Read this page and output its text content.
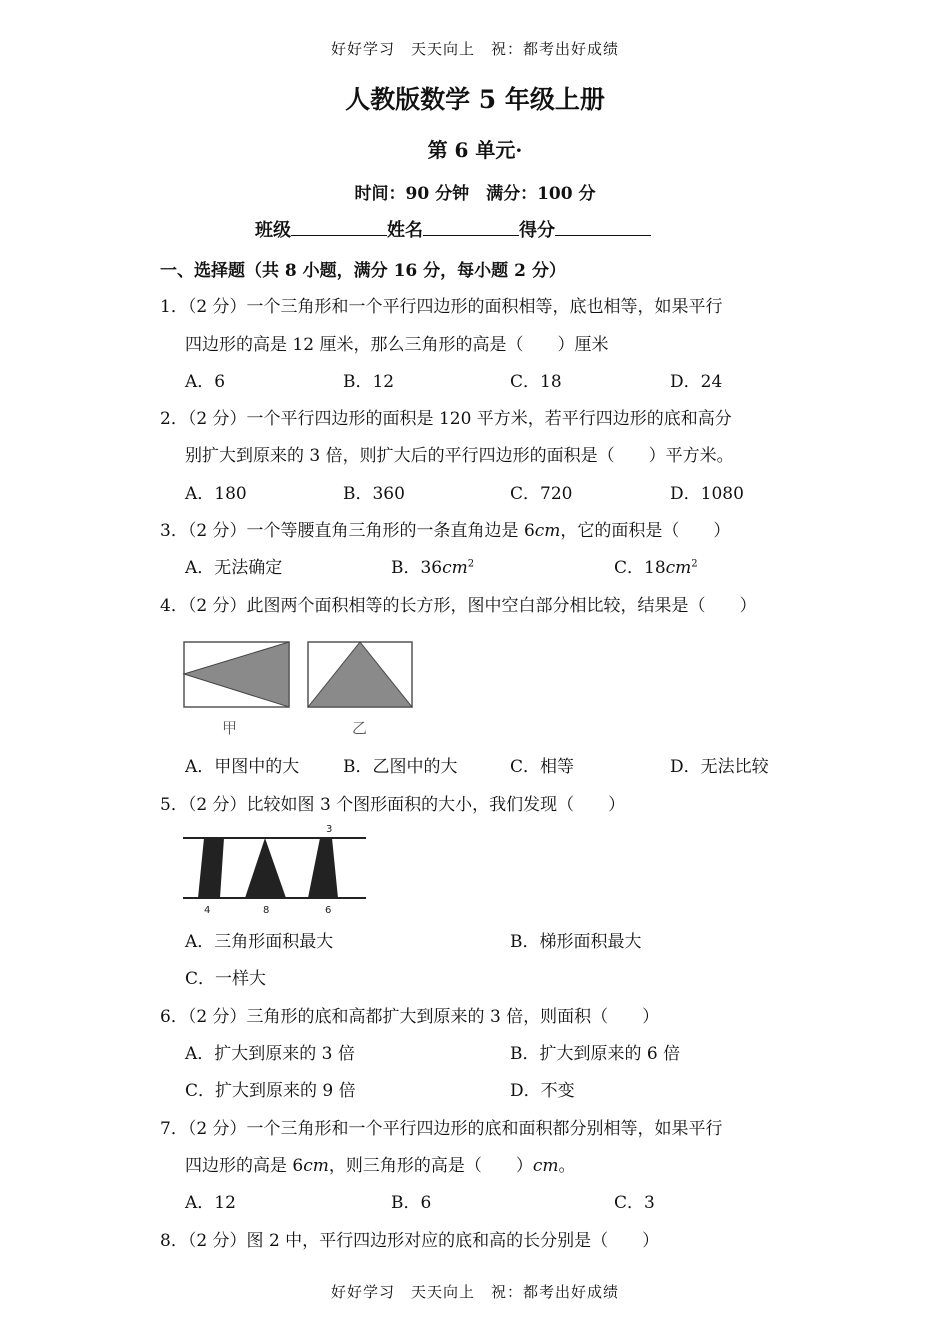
好好学习　天天向上　祝：都考出好成绩
人教版数学 5 年级上册
第 6 单元·
时间：90 分钟　满分：100 分
班级	姓名	得分
一、选择题（共 8 小题，满分 16 分，每小题 2 分）
1．（2 分）一个三角形和一个平行四边形的面积相等，底也相等，如果平行
四边形的高是 12 厘米，那么三角形的高是（　　）厘米
A．6	B．12	C．18	D．24
2．（2 分）一个平行四边形的面积是 120 平方米，若平行四边形的底和高分
别扩大到原来的 3 倍，则扩大后的平行四边形的面积是（　　）平方米。
A．180	B．360	C．720	D．1080
3．（2 分）一个等腰直角三角形的一条直角边是 6cm，它的面积是（　　）
A．无法确定	B．$36cm^2$	C．$18cm^2$
4．（2 分）此图两个面积相等的长方形，图中空白部分相比较，结果是（　　）
甲	乙
A．甲图中的大	B．乙图中的大	C．相等	D．无法比较
5．（2 分）比较如图 3 个图形面积的大小，我们发现（　　）
3
4	8	6
A．三角形面积最大	B．梯形面积最大
C．一样大
6．（2 分）三角形的底和高都扩大到原来的 3 倍，则面积（　　）
A．扩大到原来的 3 倍	B．扩大到原来的 6 倍
C．扩大到原来的 9 倍	D．不变
7．（2 分）一个三角形和一个平行四边形的底和面积都分别相等，如果平行
四边形的高是 6cm，则三角形的高是（　　）cm。
A．12	B．6	C．3
8．（2 分）图 2 中，平行四边形对应的底和高的长分别是（　　）
好好学习　天天向上　祝：都考出好成绩
